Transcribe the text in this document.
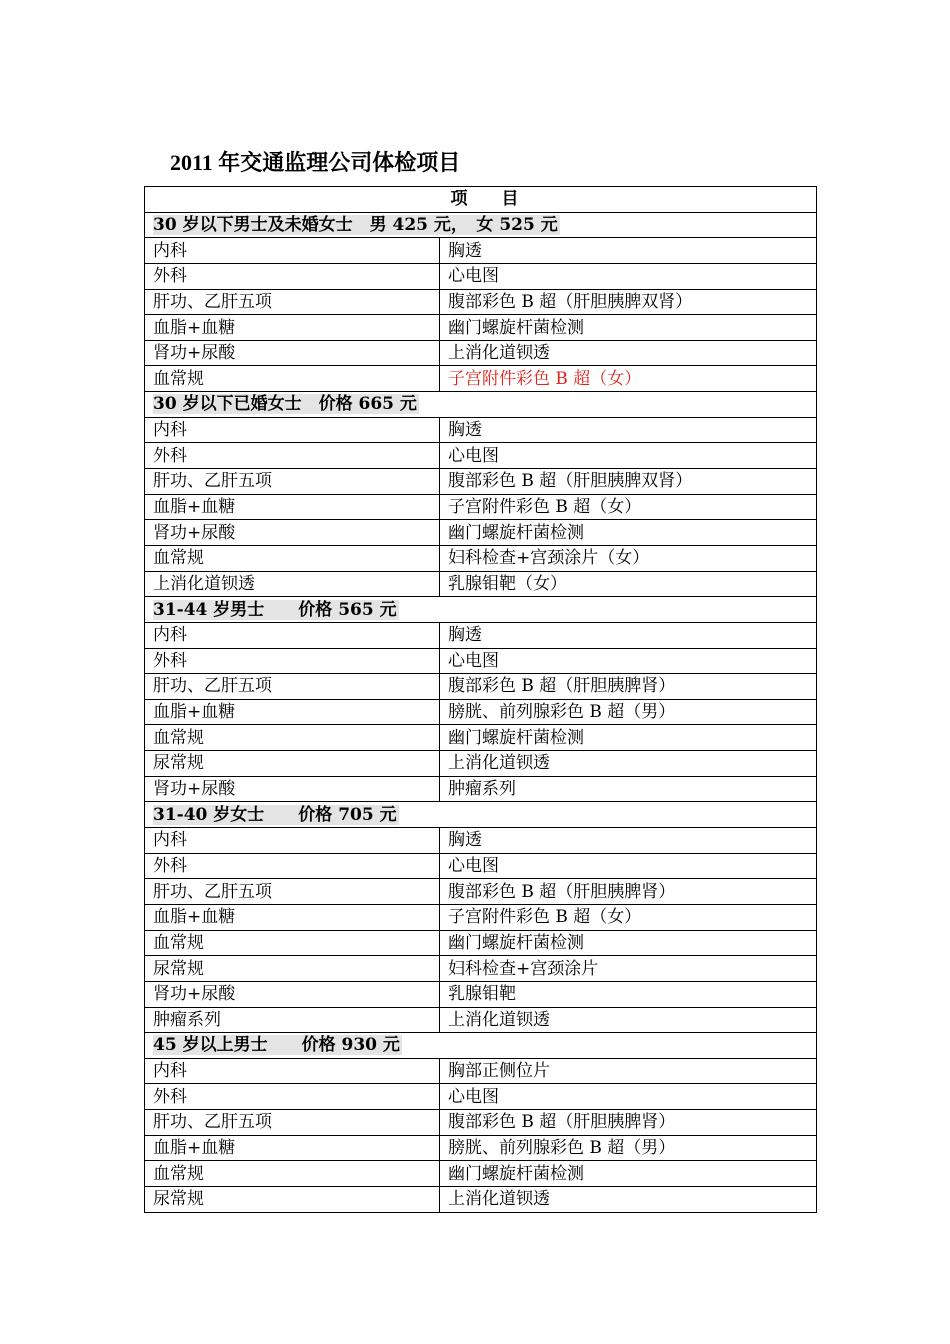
2011 年交通监理公司体检项目
项　　目	
30 岁以下男士及未婚女士　男 425 元，　女 525 元	
内科	胸透
外科	心电图
肝功、乙肝五项	腹部彩色 B 超（肝胆胰脾双肾）
血脂+血糖	幽门螺旋杆菌检测
肾功+尿酸	上消化道钡透
血常规	子宫附件彩色 B 超（女）
30 岁以下已婚女士　价格 665 元	
内科	胸透
外科	心电图
肝功、乙肝五项	腹部彩色 B 超（肝胆胰脾双肾）
血脂+血糖	子宫附件彩色 B 超（女）
肾功+尿酸	幽门螺旋杆菌检测
血常规	妇科检查+宫颈涂片（女）
上消化道钡透	乳腺钼靶（女）
31-44 岁男士　　价格 565 元	
内科	胸透
外科	心电图
肝功、乙肝五项	腹部彩色 B 超（肝胆胰脾肾）
血脂+血糖	膀胱、前列腺彩色 B 超（男）
血常规	幽门螺旋杆菌检测
尿常规	上消化道钡透
肾功+尿酸	肿瘤系列
31-40 岁女士　　价格 705 元	
内科	胸透
外科	心电图
肝功、乙肝五项	腹部彩色 B 超（肝胆胰脾肾）
血脂+血糖	子宫附件彩色 B 超（女）
血常规	幽门螺旋杆菌检测
尿常规	妇科检查+宫颈涂片
肾功+尿酸	乳腺钼靶
肿瘤系列	上消化道钡透
45 岁以上男士　　价格 930 元	
内科	胸部正侧位片
外科	心电图
肝功、乙肝五项	腹部彩色 B 超（肝胆胰脾肾）
血脂+血糖	膀胱、前列腺彩色 B 超（男）
血常规	幽门螺旋杆菌检测
尿常规	上消化道钡透
